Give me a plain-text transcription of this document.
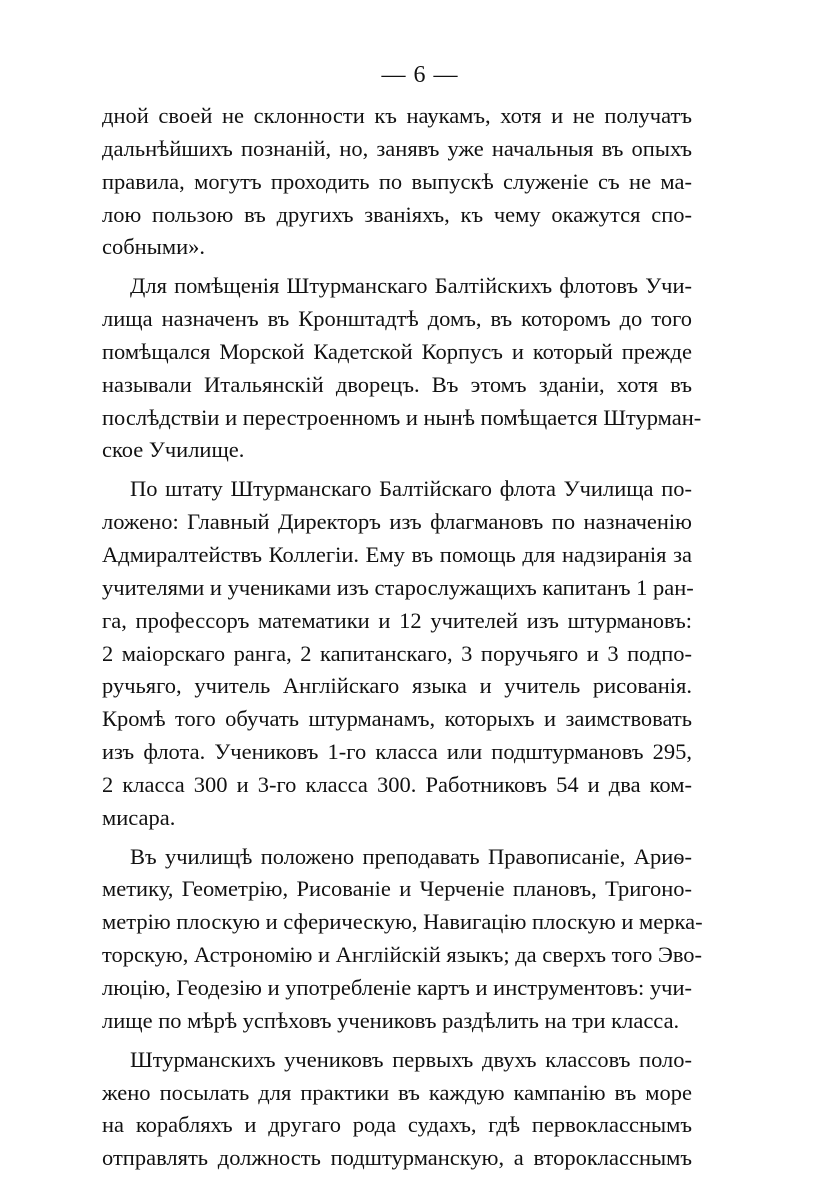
— 6 —
дной своей не склонности къ наукамъ, хотя и не получатъ
дальнѣйшихъ познаній, но, занявъ уже начальныя въ опыхъ
правила, могутъ проходить по выпускѣ служеніе съ не ма-
лою пользою въ другихъ званіяхъ, къ чему окажутся спо-
собными».
Для помѣщенія Штурманскаго Балтійскихъ флотовъ Учи-
лища назначенъ въ Кронштадтѣ домъ, въ которомъ до того
помѣщался Морской Кадетской Корпусъ и который прежде
называли Итальянскій дворецъ. Въ этомъ зданіи, хотя въ
послѣдствіи и перестроенномъ и нынѣ помѣщается Штурман-
ское Училище.
По штату Штурманскаго Балтійскаго флота Училища по-
ложено: Главный Директоръ изъ флагмановъ по назначенію
Адмиралтействъ Коллегіи. Ему въ помощь для надзиранія за
учителями и учениками изъ старослужащихъ капитанъ 1 ран-
га, профессоръ математики и 12 учителей изъ штурмановъ:
2 маіорскаго ранга, 2 капитанскаго, 3 поручьяго и 3 подпо-
ручьяго, учитель Англійскаго языка и учитель рисованія.
Кромѣ того обучать штурманамъ, которыхъ и заимствовать
изъ флота. Учениковъ 1-го класса или подштурмановъ 295,
2 класса 300 и 3-го класса 300. Работниковъ 54 и два ком-
мисара.
Въ училищѣ положено преподавать Правописаніе, Ариѳ-
метику, Геометрію, Рисованіе и Черченіе плановъ, Тригоно-
метрію плоскую и сферическую, Навигацію плоскую и мерка-
торскую, Астрономію и Англійскій языкъ; да сверхъ того Эво-
люцію, Геодезію и употребленіе картъ и инструментовъ: учи-
лище по мѣрѣ успѣховъ учениковъ раздѣлить на три класса.
Штурманскихъ учениковъ первыхъ двухъ классовъ поло-
жено посылать для практики въ каждую кампанію въ море
на корабляхъ и другаго рода судахъ, гдѣ первокласснымъ
отправлять должность подштурманскую, а второкласснымъ
